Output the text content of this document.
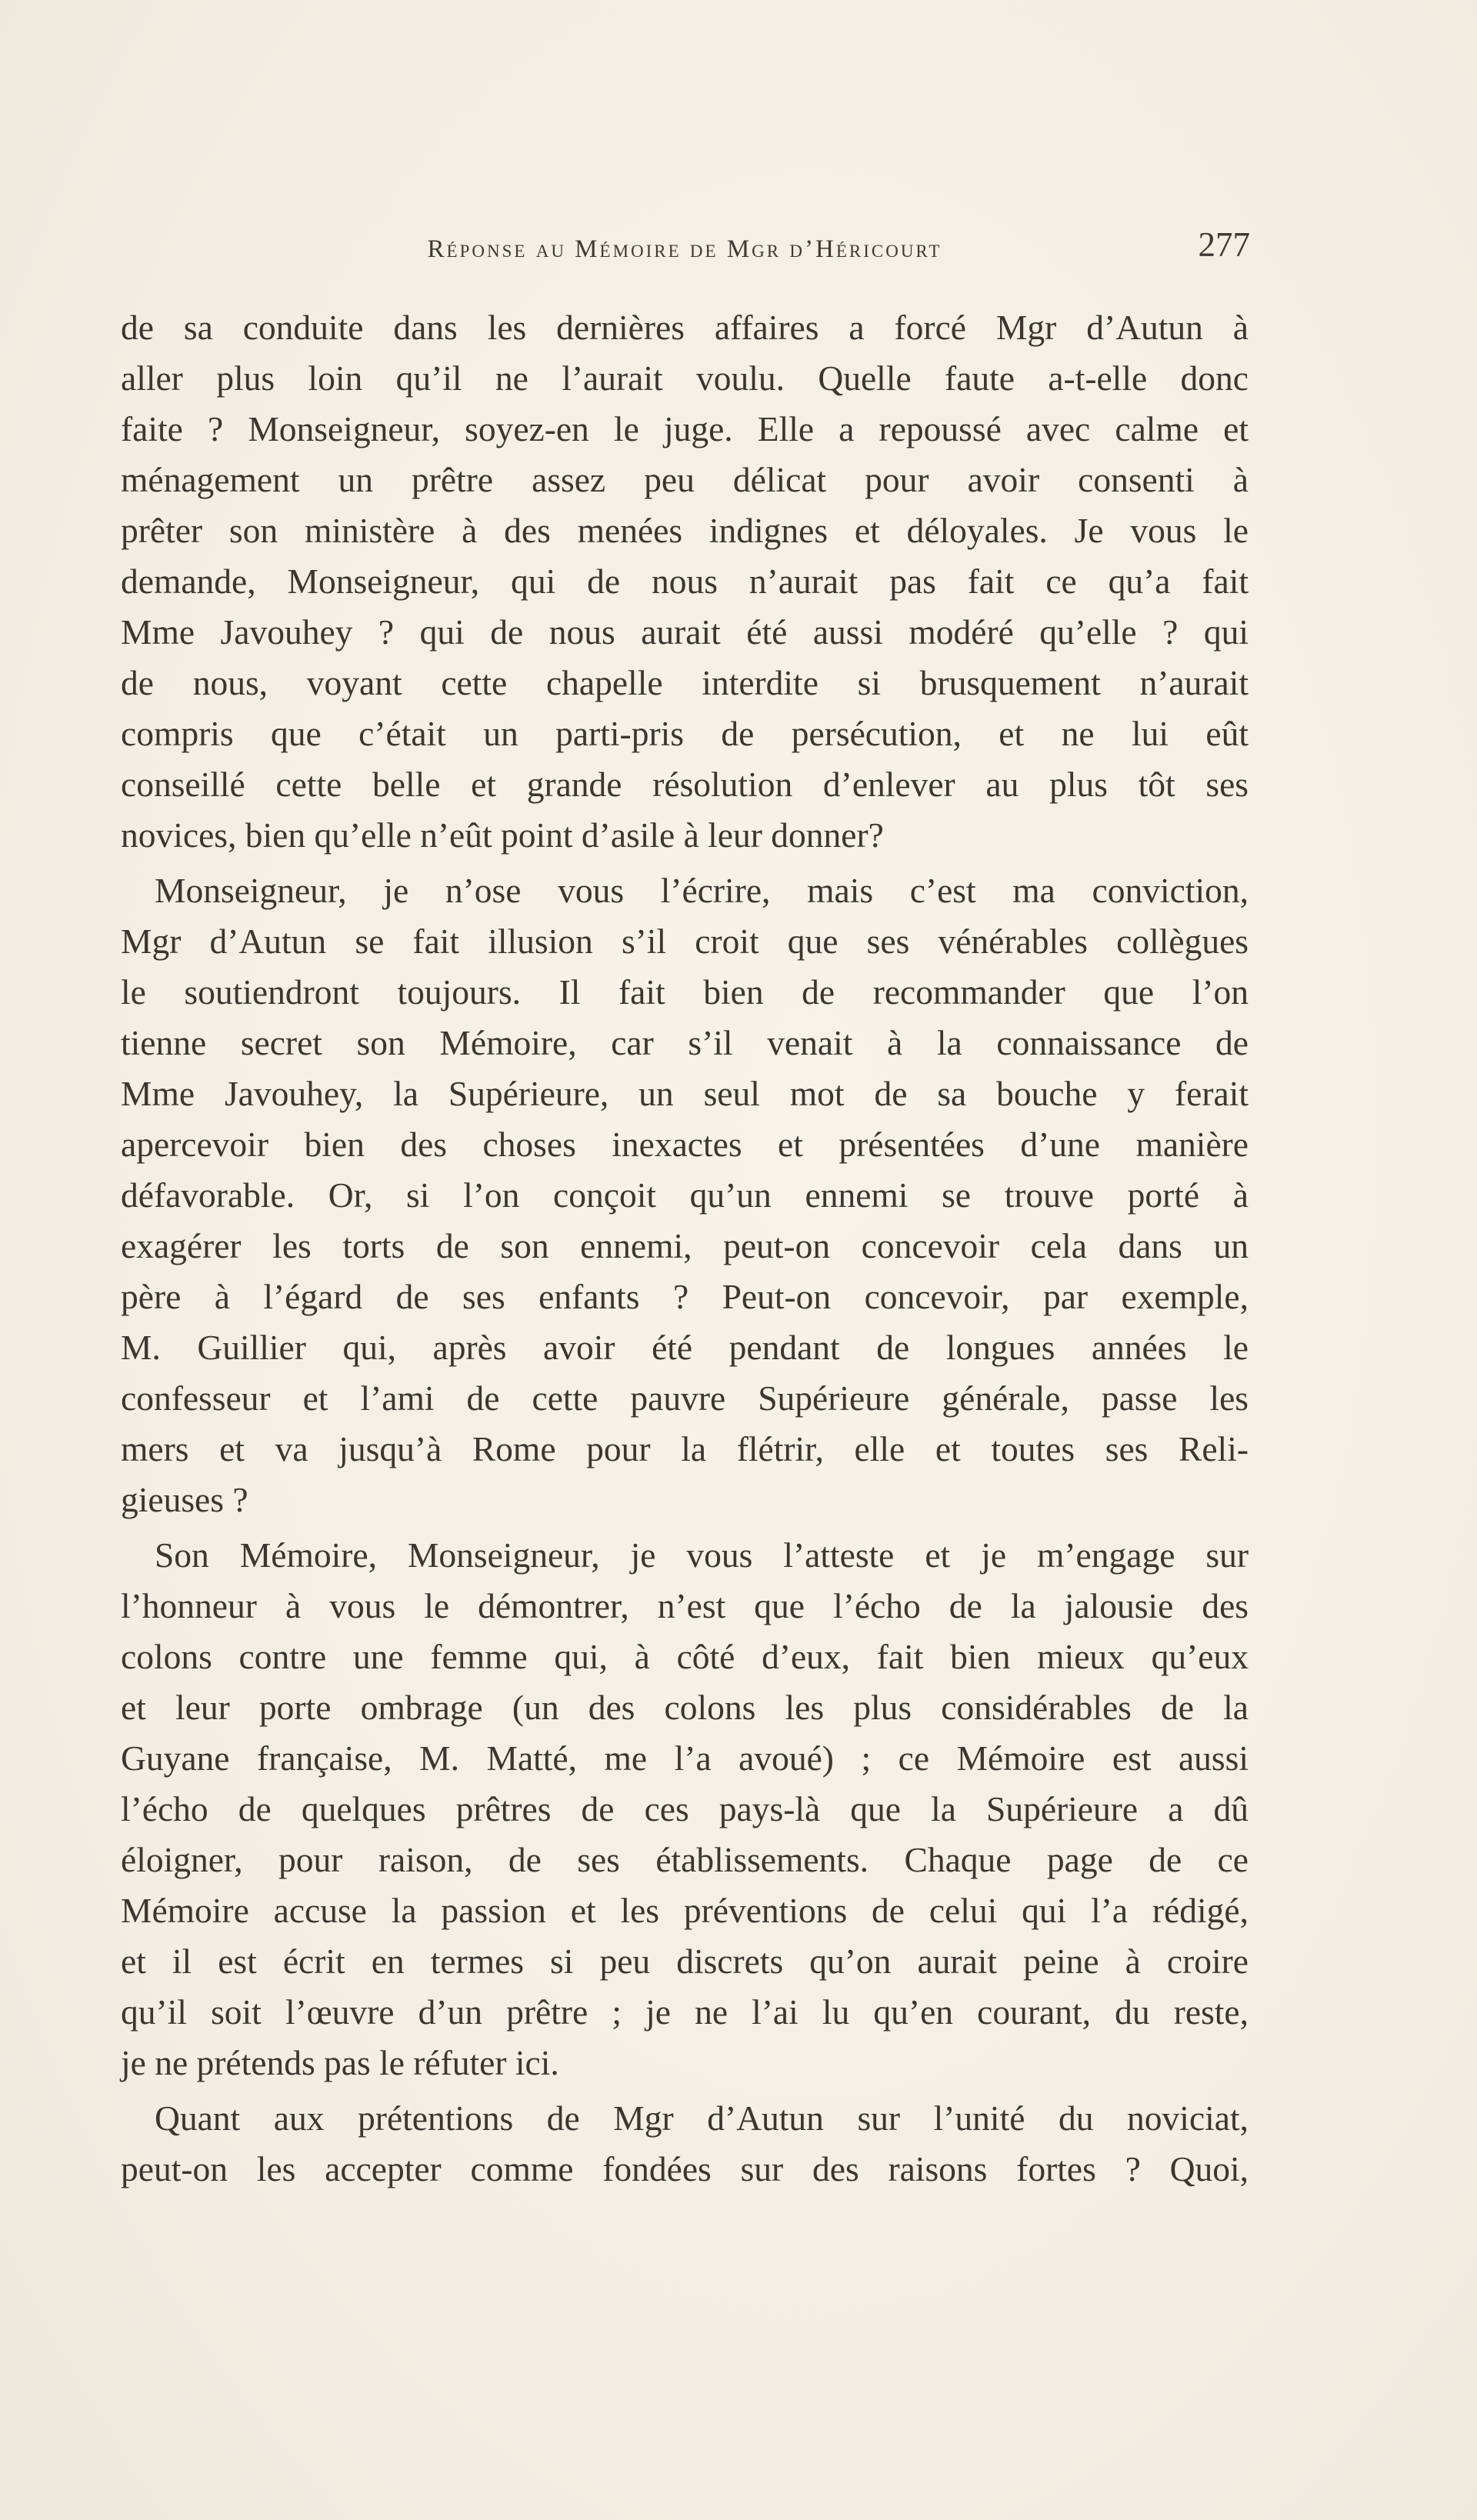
Réponse au Mémoire de Mgr d’Héricourt	277

de sa conduite dans les dernières affaires a forcé Mgr d’Autun à
aller plus loin qu’il ne l’aurait voulu. Quelle faute a-t-elle donc
faite ? Monseigneur, soyez-en le juge. Elle a repoussé avec calme et
ménagement un prêtre assez peu délicat pour avoir consenti à
prêter son ministère à des menées indignes et déloyales. Je vous le
demande, Monseigneur, qui de nous n’aurait pas fait ce qu’a fait
Mme Javouhey ? qui de nous aurait été aussi modéré qu’elle ? qui
de nous, voyant cette chapelle interdite si brusquement n’aurait
compris que c’était un parti-pris de persécution, et ne lui eût
conseillé cette belle et grande résolution d’enlever au plus tôt ses
novices, bien qu’elle n’eût point d’asile à leur donner?

Monseigneur, je n’ose vous l’écrire, mais c’est ma conviction,
Mgr d’Autun se fait illusion s’il croit que ses vénérables collègues
le soutiendront toujours. Il fait bien de recommander que l’on
tienne secret son Mémoire, car s’il venait à la connaissance de
Mme Javouhey, la Supérieure, un seul mot de sa bouche y ferait
apercevoir bien des choses inexactes et présentées d’une manière
défavorable. Or, si l’on conçoit qu’un ennemi se trouve porté à
exagérer les torts de son ennemi, peut-on concevoir cela dans un
père à l’égard de ses enfants ? Peut-on concevoir, par exemple,
M. Guillier qui, après avoir été pendant de longues années le
confesseur et l’ami de cette pauvre Supérieure générale, passe les
mers et va jusqu’à Rome pour la flétrir, elle et toutes ses Reli-
gieuses ?

Son Mémoire, Monseigneur, je vous l’atteste et je m’engage sur
l’honneur à vous le démontrer, n’est que l’écho de la jalousie des
colons contre une femme qui, à côté d’eux, fait bien mieux qu’eux
et leur porte ombrage (un des colons les plus considérables de la
Guyane française, M. Matté, me l’a avoué) ; ce Mémoire est aussi
l’écho de quelques prêtres de ces pays-là que la Supérieure a dû
éloigner, pour raison, de ses établissements. Chaque page de ce
Mémoire accuse la passion et les préventions de celui qui l’a rédigé,
et il est écrit en termes si peu discrets qu’on aurait peine à croire
qu’il soit l’œuvre d’un prêtre ; je ne l’ai lu qu’en courant, du reste,
je ne prétends pas le réfuter ici.

Quant aux prétentions de Mgr d’Autun sur l’unité du noviciat,
peut-on les accepter comme fondées sur des raisons fortes ? Quoi,
